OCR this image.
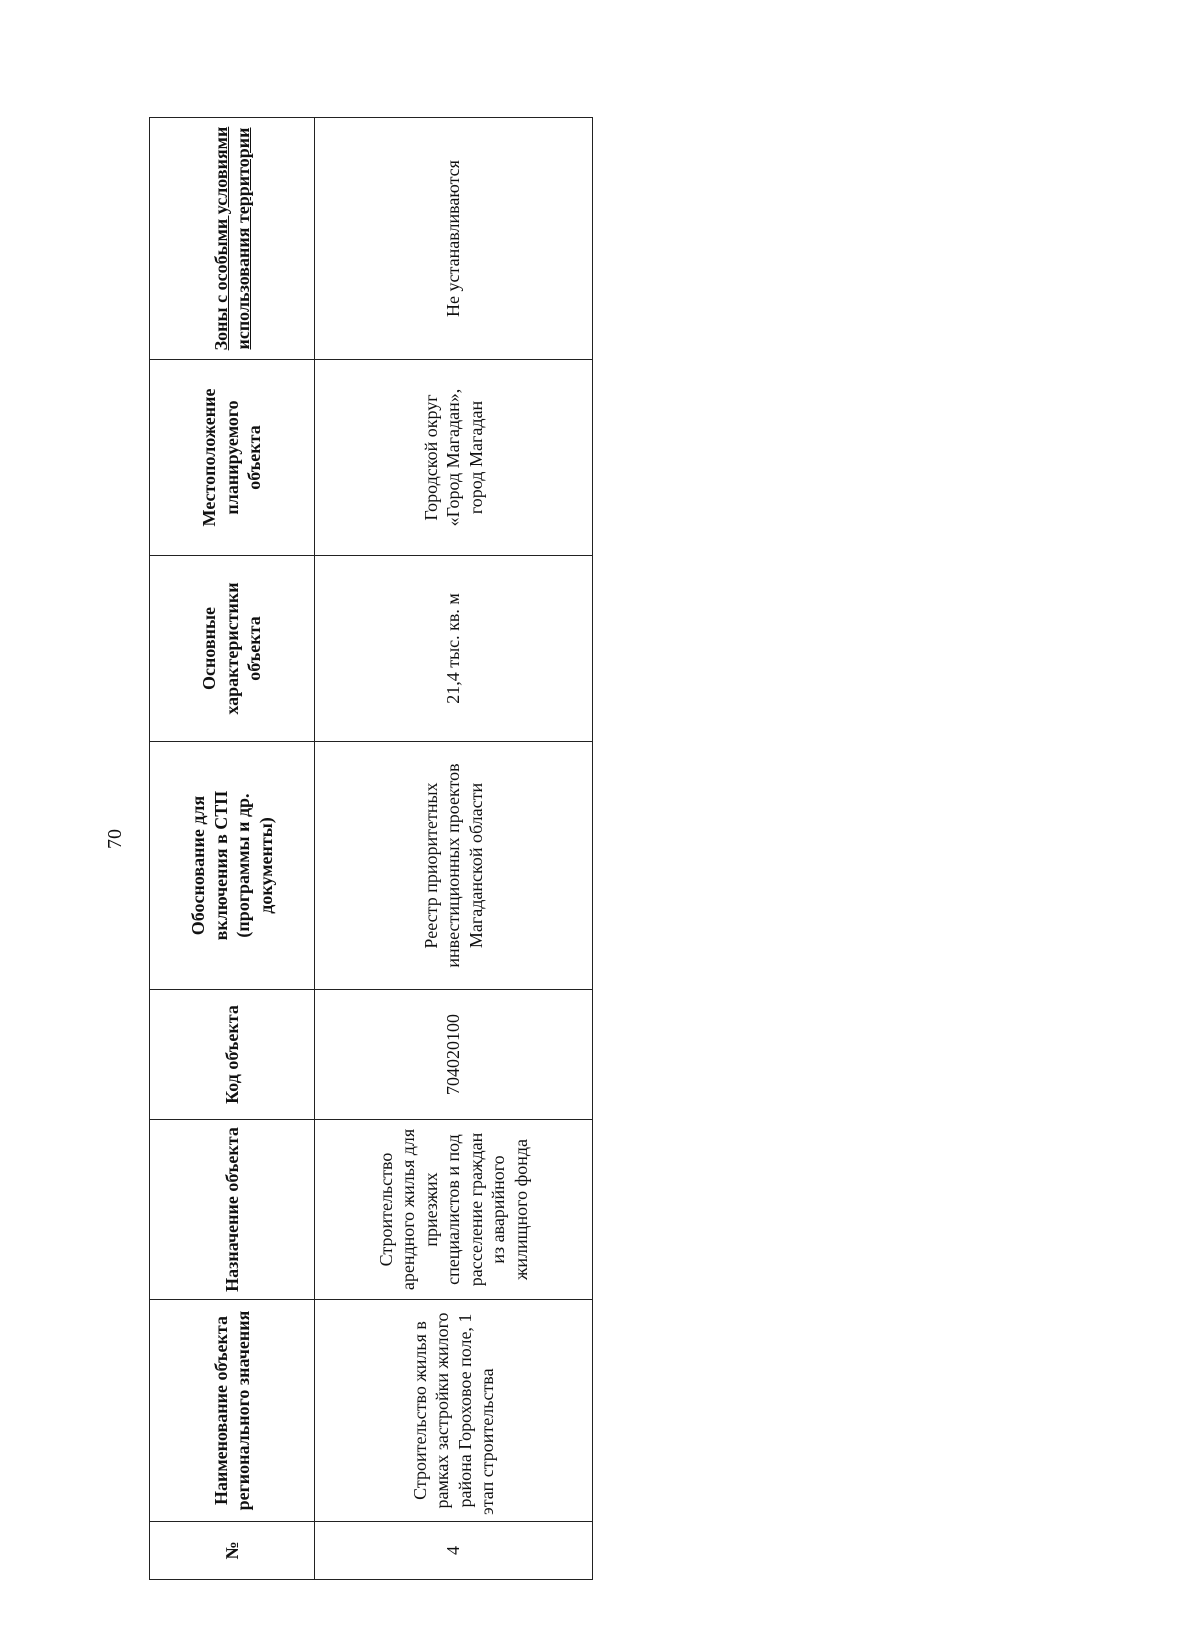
70
№	Наименование объекта регионального значения	Назначение объекта	Код объекта	Обоснование для включения в СТП (программы и др. документы)	Основные характеристики объекта	Местоположение планируемого объекта	Зоны с особыми условиями использования территории
4	Строительство жилья в рамках застройки жилого района Гороховое поле, 1 этап строительства	Строительство арендного жилья для приезжих специалистов и под расселение граждан из аварийного жилищного фонда	704020100	Реестр приоритетных инвестиционных проектов Магаданской области	21,4 тыс. кв. м	Городской округ «Город Магадан», город Магадан	Не устанавливаются
